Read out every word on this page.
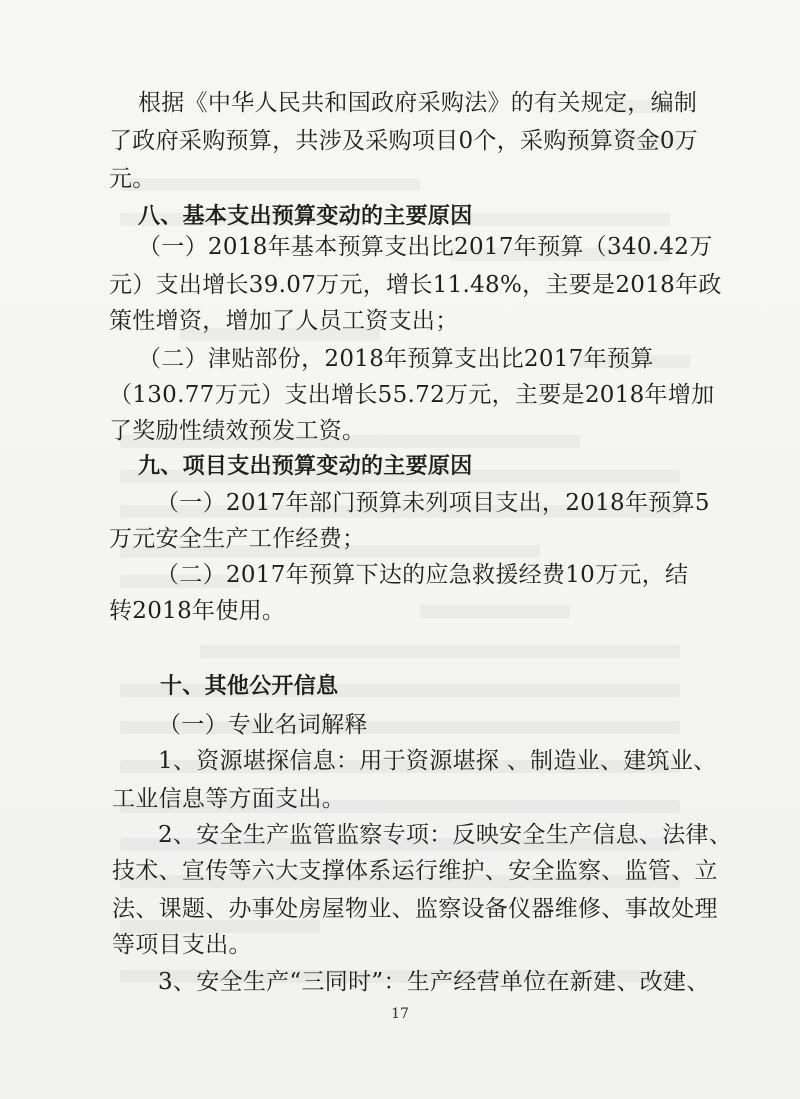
根据《中华人民共和国政府采购法》的有关规定，编制
了政府采购预算，共涉及采购项目0个，采购预算资金0万
元。
八、基本支出预算变动的主要原因
（一）2018年基本预算支出比2017年预算（340.42万
元）支出增长39.07万元，增长11.48%，主要是2018年政
策性增资，增加了人员工资支出；
（二）津贴部份，2018年预算支出比2017年预算
（130.77万元）支出增长55.72万元，主要是2018年增加
了奖励性绩效预发工资。
九、项目支出预算变动的主要原因
（一）2017年部门预算未列项目支出，2018年预算5
万元安全生产工作经费；
（二）2017年预算下达的应急救援经费10万元，结
转2018年使用。
十、其他公开信息
（一）专业名词解释
1、资源堪探信息：用于资源堪探 、制造业、建筑业、
工业信息等方面支出。
2、安全生产监管监察专项：反映安全生产信息、法律、
技术、宣传等六大支撑体系运行维护、安全监察、监管、立
法、课题、办事处房屋物业、监察设备仪器维修、事故处理
等项目支出。
3、安全生产“三同时”：生产经营单位在新建、改建、
17
